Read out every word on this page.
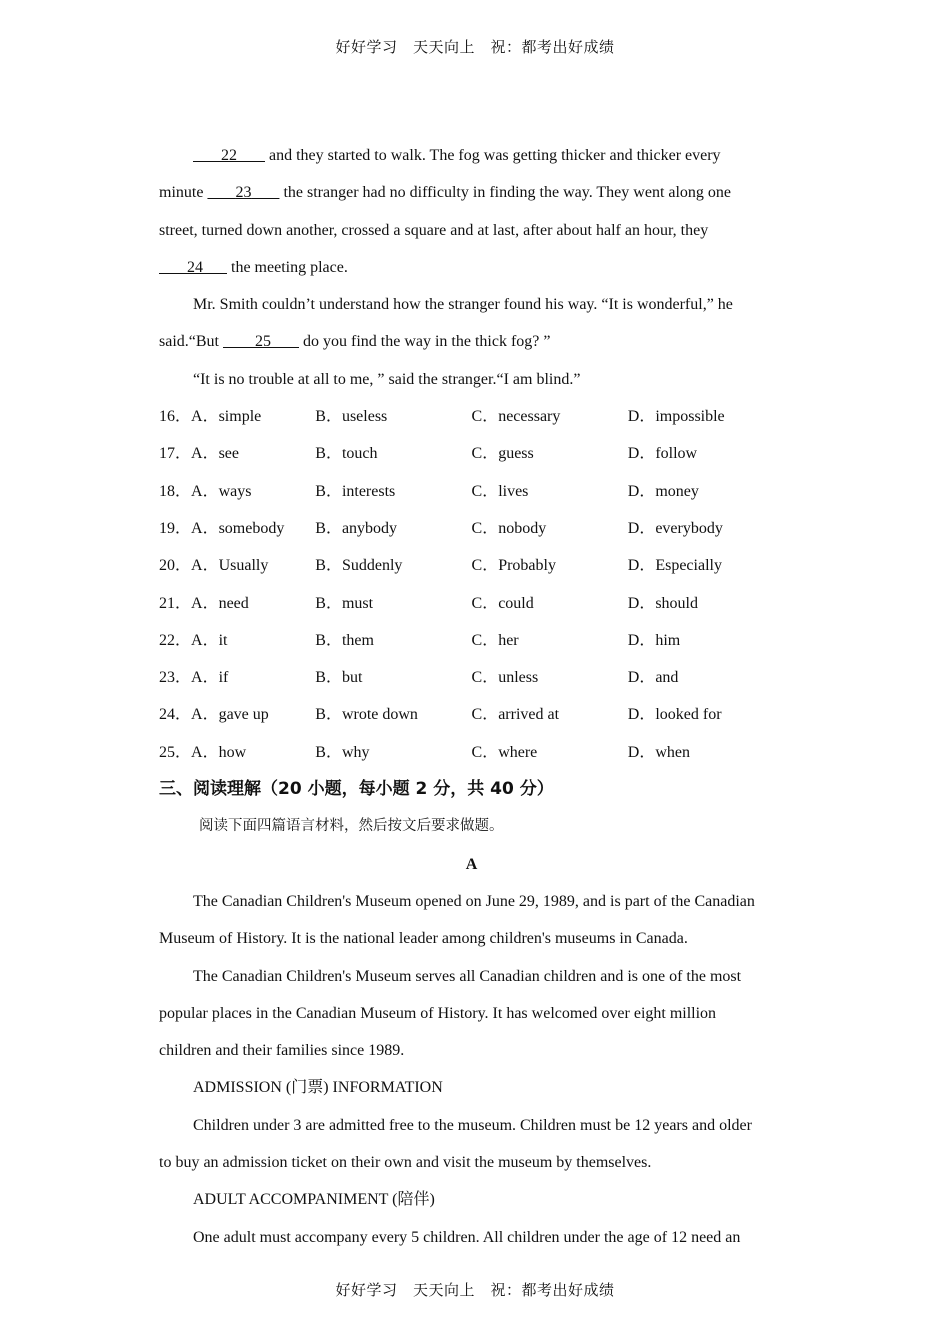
好好学习　天天向上　祝：都考出好成绩
22        and they started to walk. The fog was getting thicker and thicker every
minute        23        the stranger had no difficulty in finding the way. They went along one
street, turned down another, crossed a square and at last, after about half an hour, they
24       the meeting place.
Mr. Smith couldn’t understand how the stranger found his way. “It is wonderful,” he
said.“But         25        do you find the way in the thick fog? ”
“It is no trouble at all to me, ” said the stranger.“I am blind.”
16． A．simple	B．useless	C．necessary	D．impossible
17． A．see	B．touch	C．guess	D．follow
18． A．ways	B．interests	C．lives	D．money
19． A．somebody	B．anybody	C．nobody	D．everybody
20． A．Usually	B．Suddenly	C．Probably	D．Especially
21． A．need	B．must	C．could	D．should
22． A．it	B．them	C．her	D．him
23． A．if	B．but	C．unless	D．and
24． A．gave up	B．wrote down	C．arrived at	D．looked for
25． A．how	B．why	C．where	D．when
三、阅读理解（20 小题，每小题 2 分，共 40 分）
阅读下面四篇语言材料，然后按文后要求做题。
A
The Canadian Children's Museum opened on June 29, 1989, and is part of the Canadian
Museum of History. It is the national leader among children's museums in Canada.
The Canadian Children's Museum serves all Canadian children and is one of the most
popular places in the Canadian Museum of History. It has welcomed over eight million
children and their families since 1989.
ADMISSION (门票) INFORMATION
Children under 3 are admitted free to the museum. Children must be 12 years and older
to buy an admission ticket on their own and visit the museum by themselves.
ADULT ACCOMPANIMENT (陪伴)
One adult must accompany every 5 children. All children under the age of 12 need an
好好学习　天天向上　祝：都考出好成绩
